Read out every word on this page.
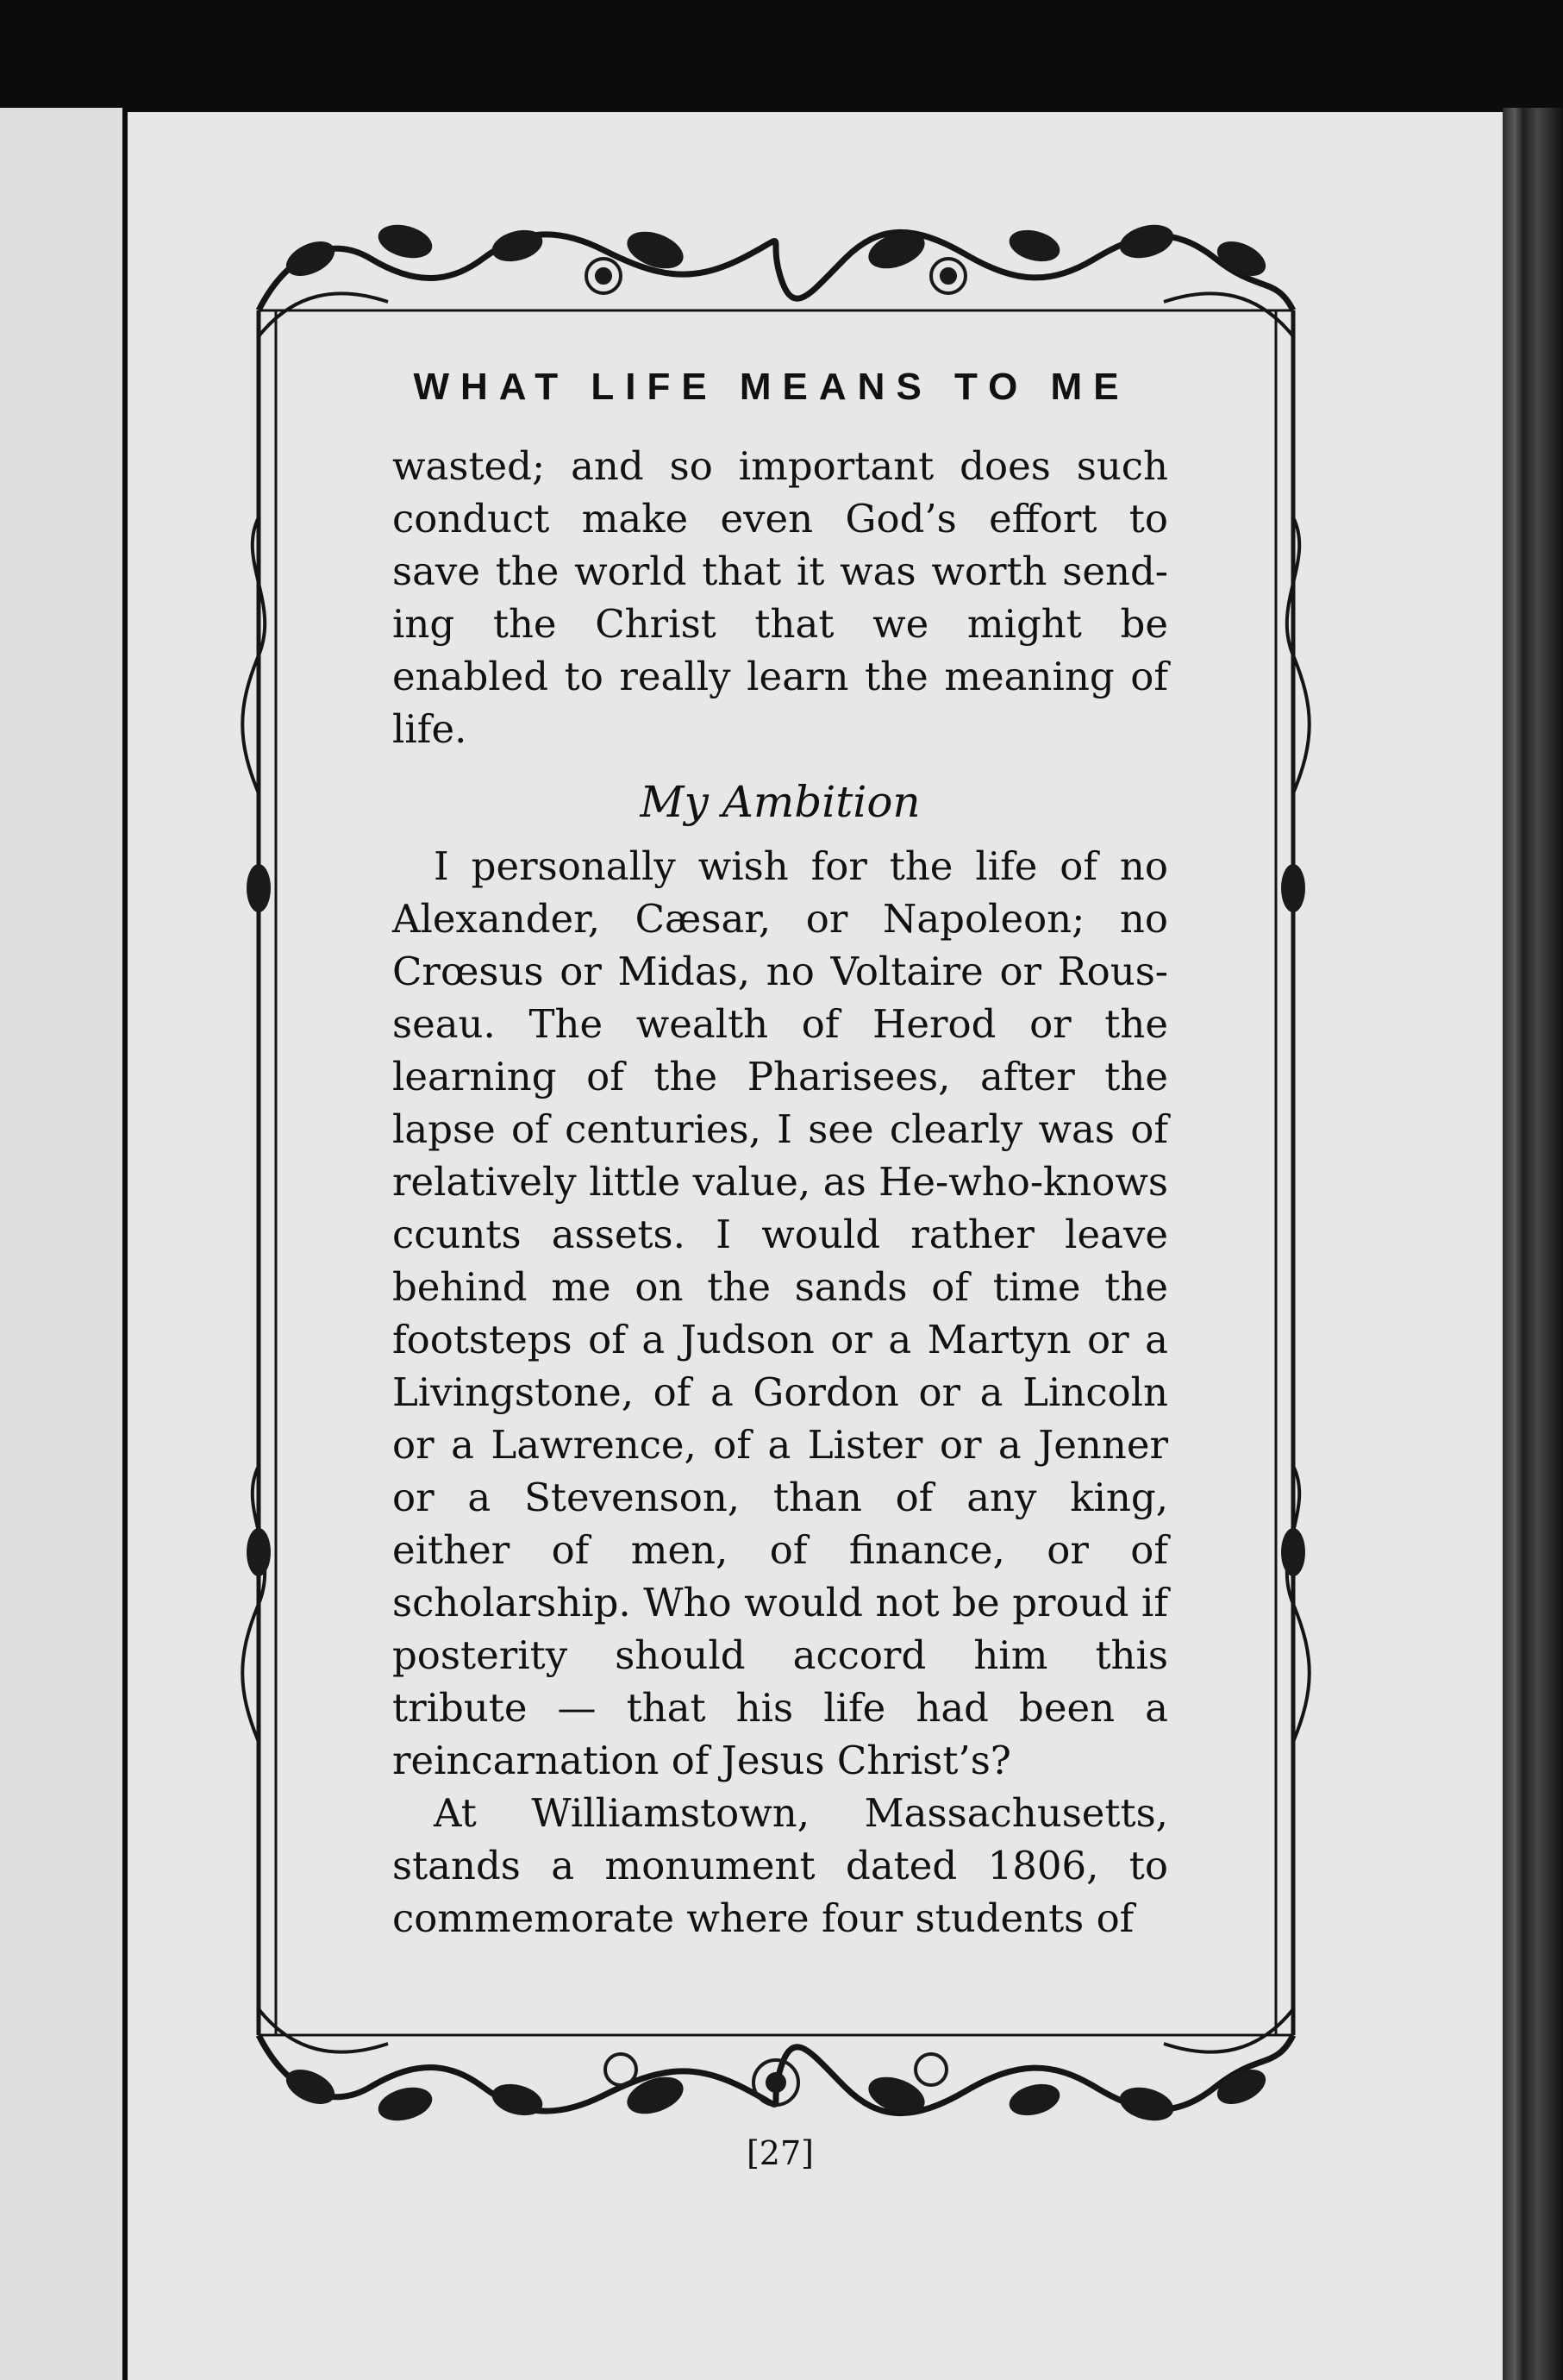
WHAT LIFE MEANS TO ME

wasted; and so important does such conduct make even God’s effort to save the world that it was worth send-ing the Christ that we might be enabled to really learn the meaning of life.

My Ambition

I personally wish for the life of no Alexander, Cæsar, or Napoleon; no Crœsus or Midas, no Voltaire or Rous-seau. The wealth of Herod or the learning of the Pharisees, after the lapse of centuries, I see clearly was of relatively little value, as He-who-knows ccunts assets. I would rather leave behind me on the sands of time the footsteps of a Judson or a Martyn or a Livingstone, of a Gordon or a Lincoln or a Lawrence, of a Lister or a Jenner or a Stevenson, than of any king, either of men, of finance, or of scholarship. Who would not be proud if posterity should accord him this tribute — that his life had been a reincarnation of Jesus Christ’s?

At Williamstown, Massachusetts, stands a monument dated 1806, to commemorate where four students of

[27]
